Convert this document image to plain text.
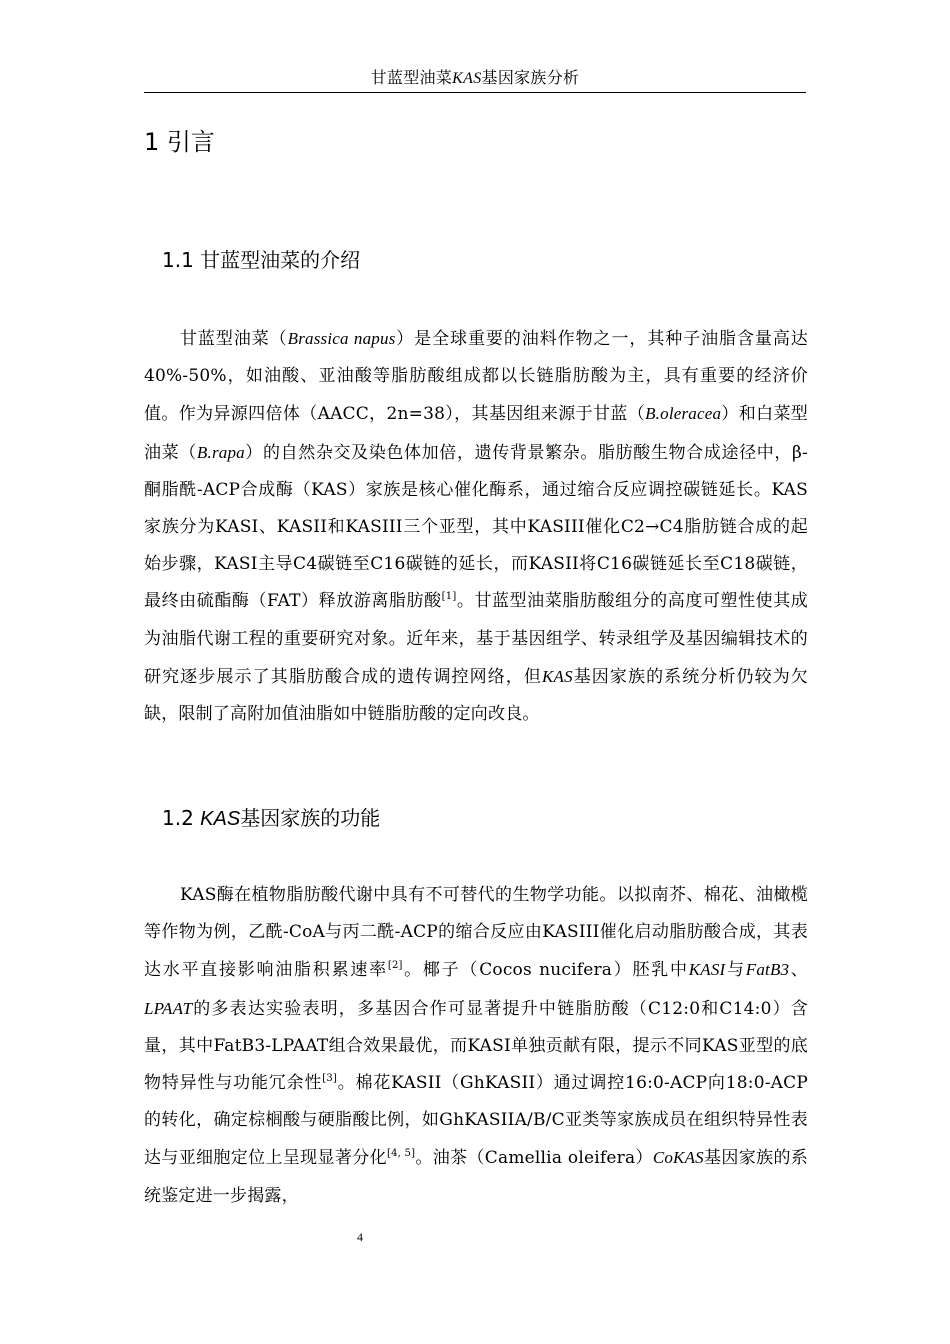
甘蓝型油菜KAS基因家族分析
1 引言
1.1 甘蓝型油菜的介绍

甘蓝型油菜（Brassica napus）是全球重要的油料作物之一，其种子油脂含量高达40%-50%，如油酸、亚油酸等脂肪酸组成都以长链脂肪酸为主，具有重要的经济价值。作为异源四倍体（AACC，2n=38），其基因组来源于甘蓝（B.oleracea）和白菜型油菜（B.rapa）的自然杂交及染色体加倍，遗传背景繁杂。脂肪酸生物合成途径中，β-酮脂酰-ACP合成酶（KAS）家族是核心催化酶系，通过缩合反应调控碳链延长。KAS家族分为KASI、KASII和KASIII三个亚型，其中KASIII催化C2→C4脂肪链合成的起始步骤，KASI主导C4碳链至C16碳链的延长，而KASII将C16碳链延长至C18碳链，最终由硫酯酶（FAT）释放游离脂肪酸[1]。甘蓝型油菜脂肪酸组分的高度可塑性使其成为油脂代谢工程的重要研究对象。近年来，基于基因组学、转录组学及基因编辑技术的研究逐步展示了其脂肪酸合成的遗传调控网络，但KAS基因家族的系统分析仍较为欠缺，限制了高附加值油脂如中链脂肪酸的定向改良。

1.2 KAS基因家族的功能

KAS酶在植物脂肪酸代谢中具有不可替代的生物学功能。以拟南芥、棉花、油橄榄等作物为例，乙酰-CoA与丙二酰-ACP的缩合反应由KASIII催化启动脂肪酸合成，其表达水平直接影响油脂积累速率[2]。椰子（Cocos nucifera）胚乳中KASI与FatB3、LPAAT的多表达实验表明，多基因合作可显著提升中链脂肪酸（C12:0和C14:0）含量，其中FatB3-LPAAT组合效果最优，而KASI单独贡献有限，提示不同KAS亚型的底物特异性与功能冗余性[3]。棉花KASII（GhKASII）通过调控16:0-ACP向18:0-ACP的转化，确定棕榈酸与硬脂酸比例，如GhKASIIA/B/C亚类等家族成员在组织特异性表达与亚细胞定位上呈现显著分化[4, 5]。油茶（Camellia oleifera）CoKAS基因家族的系统鉴定进一步揭露，

4
